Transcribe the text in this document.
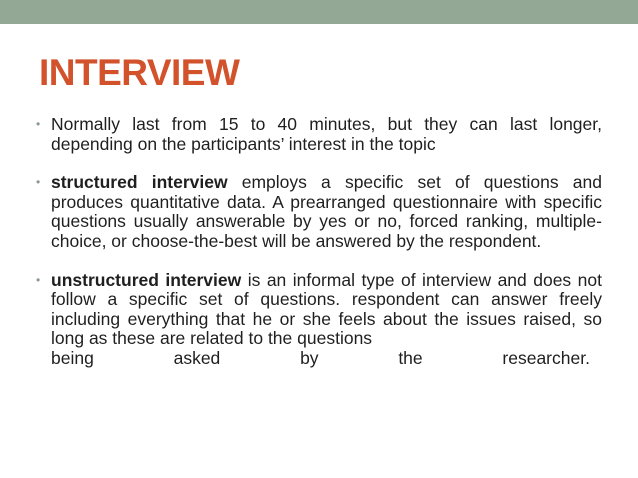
INTERVIEW
• Normally last from 15 to 40 minutes, but they can last longer, depending on the participants’ interest in the topic
• structured interview employs a specific set of questions and produces quantitative data. A prearranged questionnaire with specific questions usually answerable by yes or no, forced ranking, multiple-choice, or choose-the-best will be answered by the respondent.
• unstructured interview is an informal type of interview and does not follow a specific set of questions. respondent can answer freely including everything that he or she feels about the issues raised, so long as these are related to the questions
being	asked	by	the	researcher.
